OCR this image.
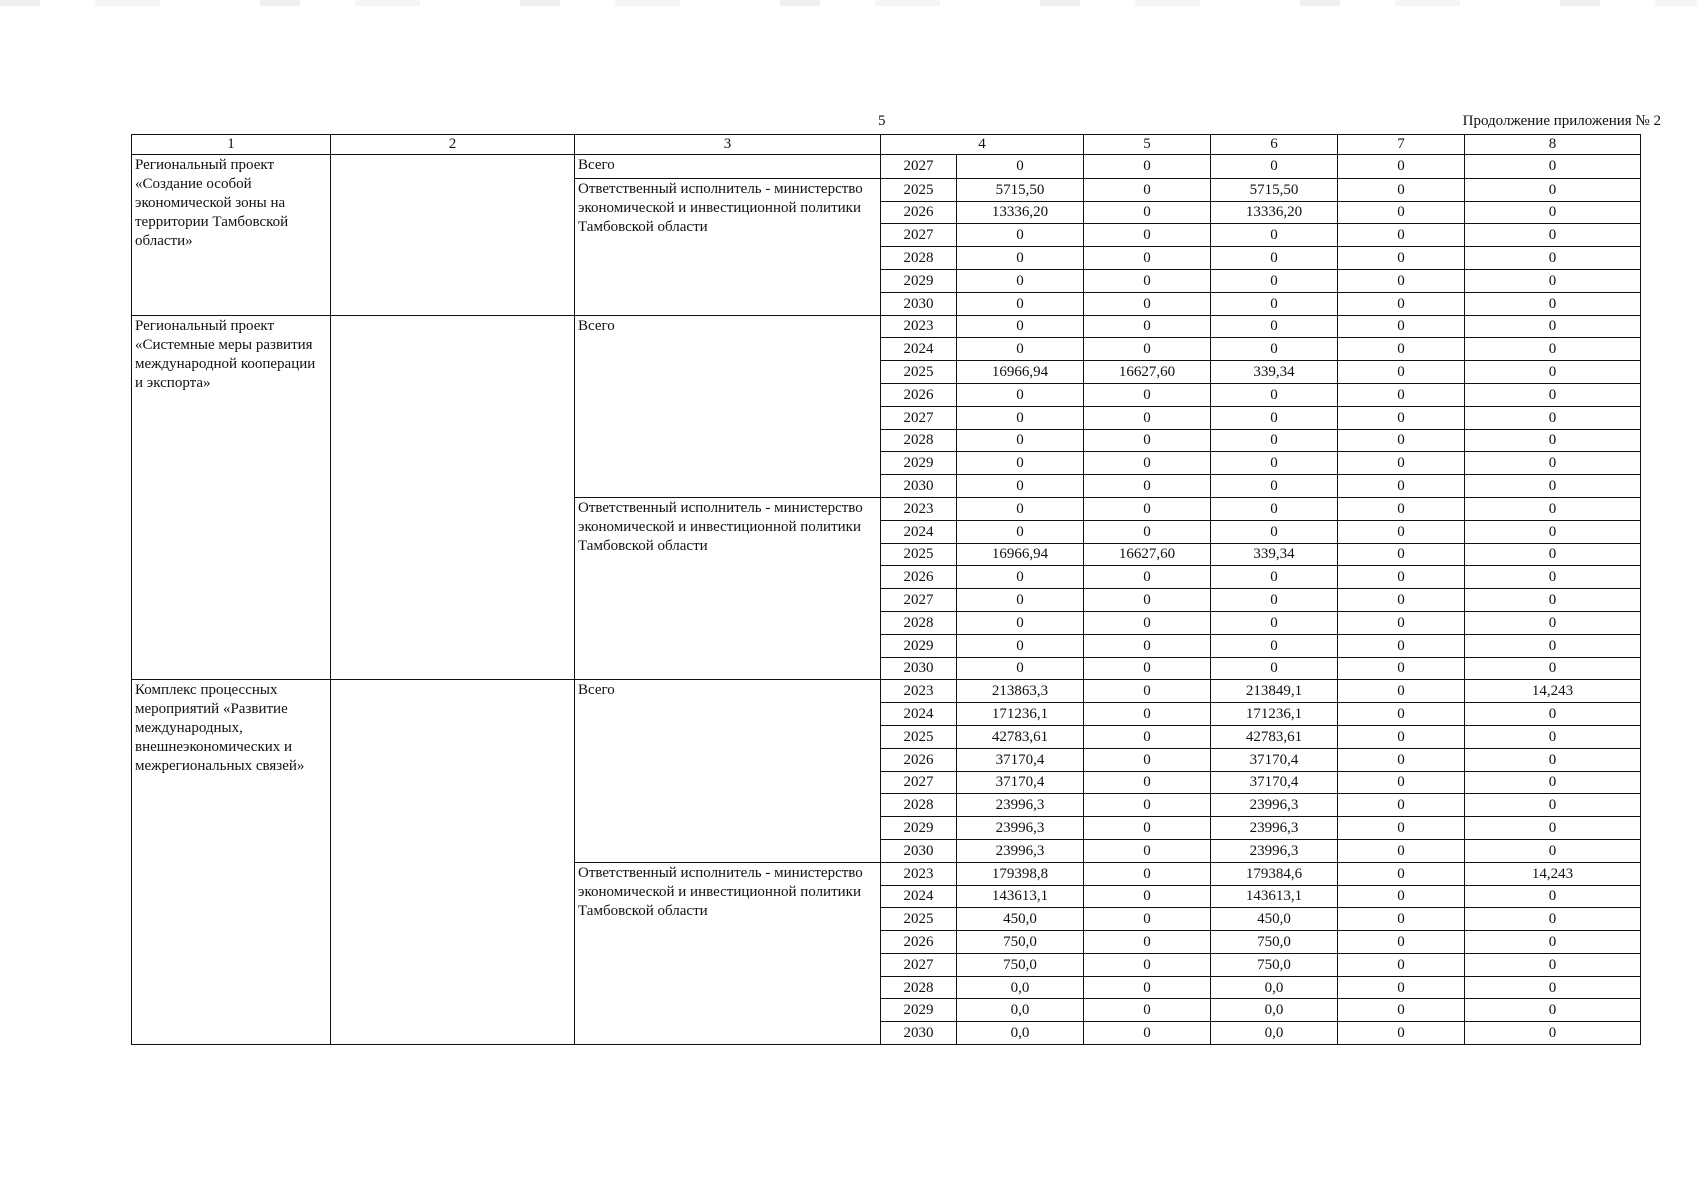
5	Продолжение приложения № 2
1	2	3	4		5	6	7	8
Региональный проект «Создание особой экономической зоны на территории Тамбовской области»		Всего	2027	0	0	0	0	0
		Ответственный исполнитель - министерство экономической и инвестиционной политики Тамбовской области	2025	5715,50	0	5715,50	0	0
			2026	13336,20	0	13336,20	0	0
			2027	0	0	0	0	0
			2028	0	0	0	0	0
			2029	0	0	0	0	0
			2030	0	0	0	0	0
Региональный проект «Системные меры развития международной кооперации и экспорта»		Всего	2023	0	0	0	0	0
			2024	0	0	0	0	0
			2025	16966,94	16627,60	339,34	0	0
			2026	0	0	0	0	0
			2027	0	0	0	0	0
			2028	0	0	0	0	0
			2029	0	0	0	0	0
			2030	0	0	0	0	0
		Ответственный исполнитель - министерство экономической и инвестиционной политики Тамбовской области	2023	0	0	0	0	0
			2024	0	0	0	0	0
			2025	16966,94	16627,60	339,34	0	0
			2026	0	0	0	0	0
			2027	0	0	0	0	0
			2028	0	0	0	0	0
			2029	0	0	0	0	0
			2030	0	0	0	0	0
Комплекс процессных мероприятий «Развитие международных, внешнеэкономических и межрегиональных связей»		Всего	2023	213863,3	0	213849,1	0	14,243
			2024	171236,1	0	171236,1	0	0
			2025	42783,61	0	42783,61	0	0
			2026	37170,4	0	37170,4	0	0
			2027	37170,4	0	37170,4	0	0
			2028	23996,3	0	23996,3	0	0
			2029	23996,3	0	23996,3	0	0
			2030	23996,3	0	23996,3	0	0
		Ответственный исполнитель - министерство экономической и инвестиционной политики Тамбовской области	2023	179398,8	0	179384,6	0	14,243
			2024	143613,1	0	143613,1	0	0
			2025	450,0	0	450,0	0	0
			2026	750,0	0	750,0	0	0
			2027	750,0	0	750,0	0	0
			2028	0,0	0	0,0	0	0
			2029	0,0	0	0,0	0	0
			2030	0,0	0	0,0	0	0
